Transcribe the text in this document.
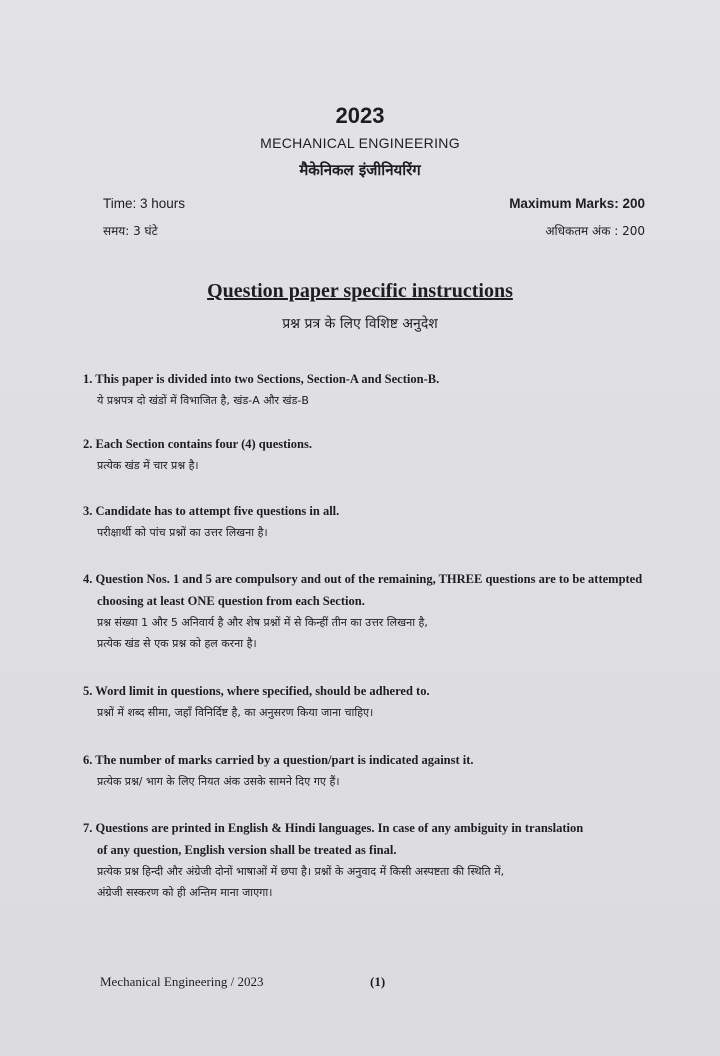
2023
MECHANICAL ENGINEERING
मैकेनिकल इंजीनियरिंग
Time: 3 hours	Maximum Marks: 200
समय: 3 घंटे	अधिकतम अंक : 200
Question paper specific instructions
प्रश्न प्रत्र के लिए विशिष्ट अनुदेश
1. This paper is divided into two Sections, Section-A and Section-B.
ये प्रश्नपत्र दो खंडों में विभाजित है, खंड-A और खंड-B
2. Each Section contains four (4) questions.
प्रत्येक खंड में चार प्रश्न है।
3. Candidate has to attempt five questions in all.
परीक्षार्थी को पांच प्रश्नों का उत्तर लिखना है।
4. Question Nos. 1 and 5 are compulsory and out of the remaining, THREE questions are to be attempted
choosing at least ONE question from each Section.
प्रश्न संख्या 1 और 5 अनिवार्य है और शेष प्रश्नों में से किन्हीं तीन का उत्तर लिखना है,
प्रत्येक खंड से एक प्रश्न को हल करना है।
5. Word limit in questions, where specified, should be adhered to.
प्रश्नों में शब्द सीमा, जहाँ विनिर्दिष्ट है, का अनुसरण किया जाना चाहिए।
6. The number of marks carried by a question/part is indicated against it.
प्रत्येक प्रश्न/ भाग के लिए नियत अंक उसके सामने दिए गए हैं।
7. Questions are printed in English & Hindi languages. In case of any ambiguity in translation
of any question, English version shall be treated as final.
प्रत्येक प्रश्न हिन्दी और अंग्रेजी दोनों भाषाओं में छपा है। प्रश्नों के अनुवाद में किसी अस्पष्टता की स्थिति में,
अंग्रेजी सस्करण को ही अन्तिम माना जाएगा।
Mechanical Engineering / 2023	(1)
